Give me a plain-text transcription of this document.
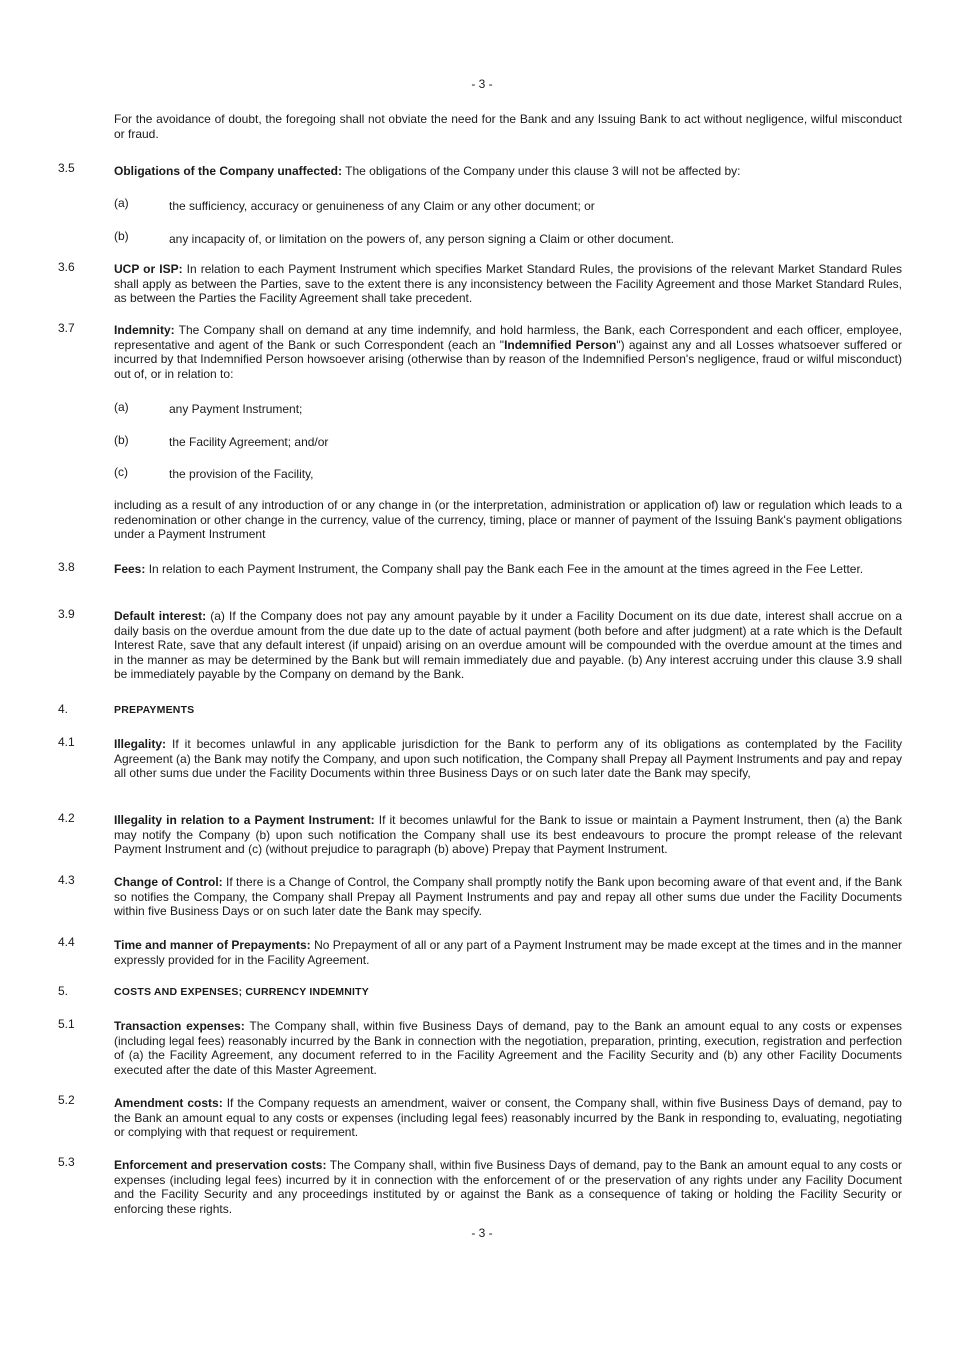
- 3 -
For the avoidance of doubt, the foregoing shall not obviate the need for the Bank and any Issuing Bank to act without negligence, wilful misconduct or fraud.
3.5	Obligations of the Company unaffected: The obligations of the Company under this clause 3 will not be affected by:
(a)	the sufficiency, accuracy or genuineness of any Claim or any other document; or
(b)	any incapacity of, or limitation on the powers of, any person signing a Claim or other document.
3.6	UCP or ISP: In relation to each Payment Instrument which specifies Market Standard Rules, the provisions of the relevant Market Standard Rules shall apply as between the Parties, save to the extent there is any inconsistency between the Facility Agreement and those Market Standard Rules, as between the Parties the Facility Agreement shall take precedent.
3.7	Indemnity: The Company shall on demand at any time indemnify, and hold harmless, the Bank, each Correspondent and each officer, employee, representative and agent of the Bank or such Correspondent (each an "Indemnified Person") against any and all Losses whatsoever suffered or incurred by that Indemnified Person howsoever arising (otherwise than by reason of the Indemnified Person's negligence, fraud or wilful misconduct) out of, or in relation to:
(a)	any Payment Instrument;
(b)	the Facility Agreement; and/or
(c)	the provision of the Facility,
including as a result of any introduction of or any change in (or the interpretation, administration or application of) law or regulation which leads to a redenomination or other change in the currency, value of the currency, timing, place or manner of payment of the Issuing Bank's payment obligations under a Payment Instrument
3.8	Fees: In relation to each Payment Instrument, the Company shall pay the Bank each Fee in the amount at the times agreed in the Fee Letter.
3.9	Default interest: (a) If the Company does not pay any amount payable by it under a Facility Document on its due date, interest shall accrue on a daily basis on the overdue amount from the due date up to the date of actual payment (both before and after judgment) at a rate which is the Default Interest Rate, save that any default interest (if unpaid) arising on an overdue amount will be compounded with the overdue amount at the times and in the manner as may be determined by the Bank but will remain immediately due and payable. (b) Any interest accruing under this clause 3.9 shall be immediately payable by the Company on demand by the Bank.
4.	PREPAYMENTS
4.1	Illegality: If it becomes unlawful in any applicable jurisdiction for the Bank to perform any of its obligations as contemplated by the Facility Agreement (a) the Bank may notify the Company, and upon such notification, the Company shall Prepay all Payment Instruments and pay and repay all other sums due under the Facility Documents within three Business Days or on such later date the Bank may specify,
4.2	Illegality in relation to a Payment Instrument: If it becomes unlawful for the Bank to issue or maintain a Payment Instrument, then (a) the Bank may notify the Company (b) upon such notification the Company shall use its best endeavours to procure the prompt release of the relevant Payment Instrument and (c) (without prejudice to paragraph (b) above) Prepay that Payment Instrument.
4.3	Change of Control: If there is a Change of Control, the Company shall promptly notify the Bank upon becoming aware of that event and, if the Bank so notifies the Company, the Company shall Prepay all Payment Instruments and pay and repay all other sums due under the Facility Documents within five Business Days or on such later date the Bank may specify.
4.4	Time and manner of Prepayments: No Prepayment of all or any part of a Payment Instrument may be made except at the times and in the manner expressly provided for in the Facility Agreement.
5.	COSTS AND EXPENSES; CURRENCY INDEMNITY
5.1	Transaction expenses: The Company shall, within five Business Days of demand, pay to the Bank an amount equal to any costs or expenses (including legal fees) reasonably incurred by the Bank in connection with the negotiation, preparation, printing, execution, registration and perfection of (a) the Facility Agreement, any document referred to in the Facility Agreement and the Facility Security and (b) any other Facility Documents executed after the date of this Master Agreement.
5.2	Amendment costs: If the Company requests an amendment, waiver or consent, the Company shall, within five Business Days of demand, pay to the Bank an amount equal to any costs or expenses (including legal fees) reasonably incurred by the Bank in responding to, evaluating, negotiating or complying with that request or requirement.
5.3	Enforcement and preservation costs: The Company shall, within five Business Days of demand, pay to the Bank an amount equal to any costs or expenses (including legal fees) incurred by it in connection with the enforcement of or the preservation of any rights under any Facility Document and the Facility Security and any proceedings instituted by or against the Bank as a consequence of taking or holding the Facility Security or enforcing these rights.
- 3 -
